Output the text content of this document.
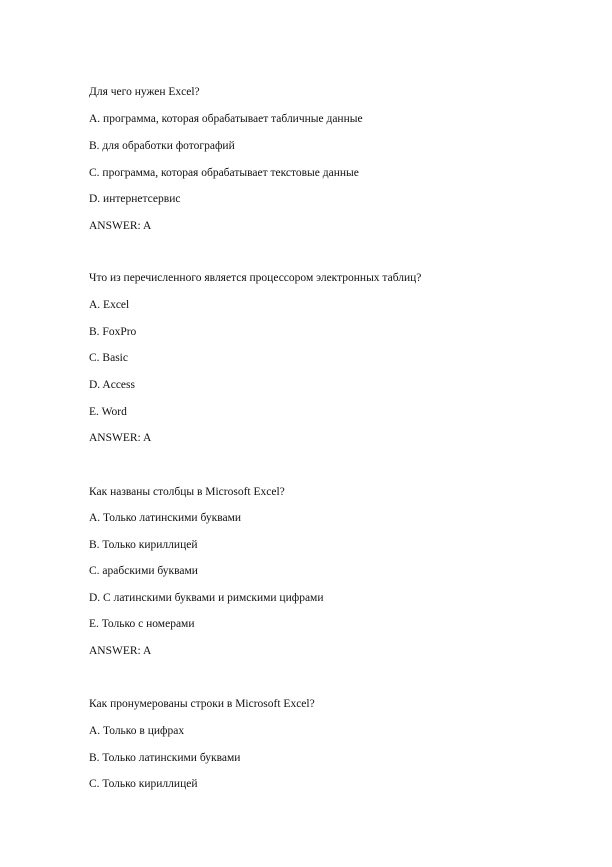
Для чего нужен Excel?
A. программа, которая обрабатывает табличные данные
B. для обработки фотографий
C. программа, которая обрабатывает текстовые данные
D. интернетсервис
ANSWER: A
Что из перечисленного является процессором электронных таблиц?
A. Excel
B. FoxPro
C. Basic
D. Access
E. Word
ANSWER: A
Как названы столбцы в Microsoft Excel?
A. Только латинскими буквами
B. Только кириллицей
C. арабскими буквами
D. С латинскими буквами и римскими цифрами
E. Только с номерами
ANSWER: A
Как пронумерованы строки в Microsoft Excel?
A. Только в цифрах
B. Только латинскими буквами
C. Только кириллицей
